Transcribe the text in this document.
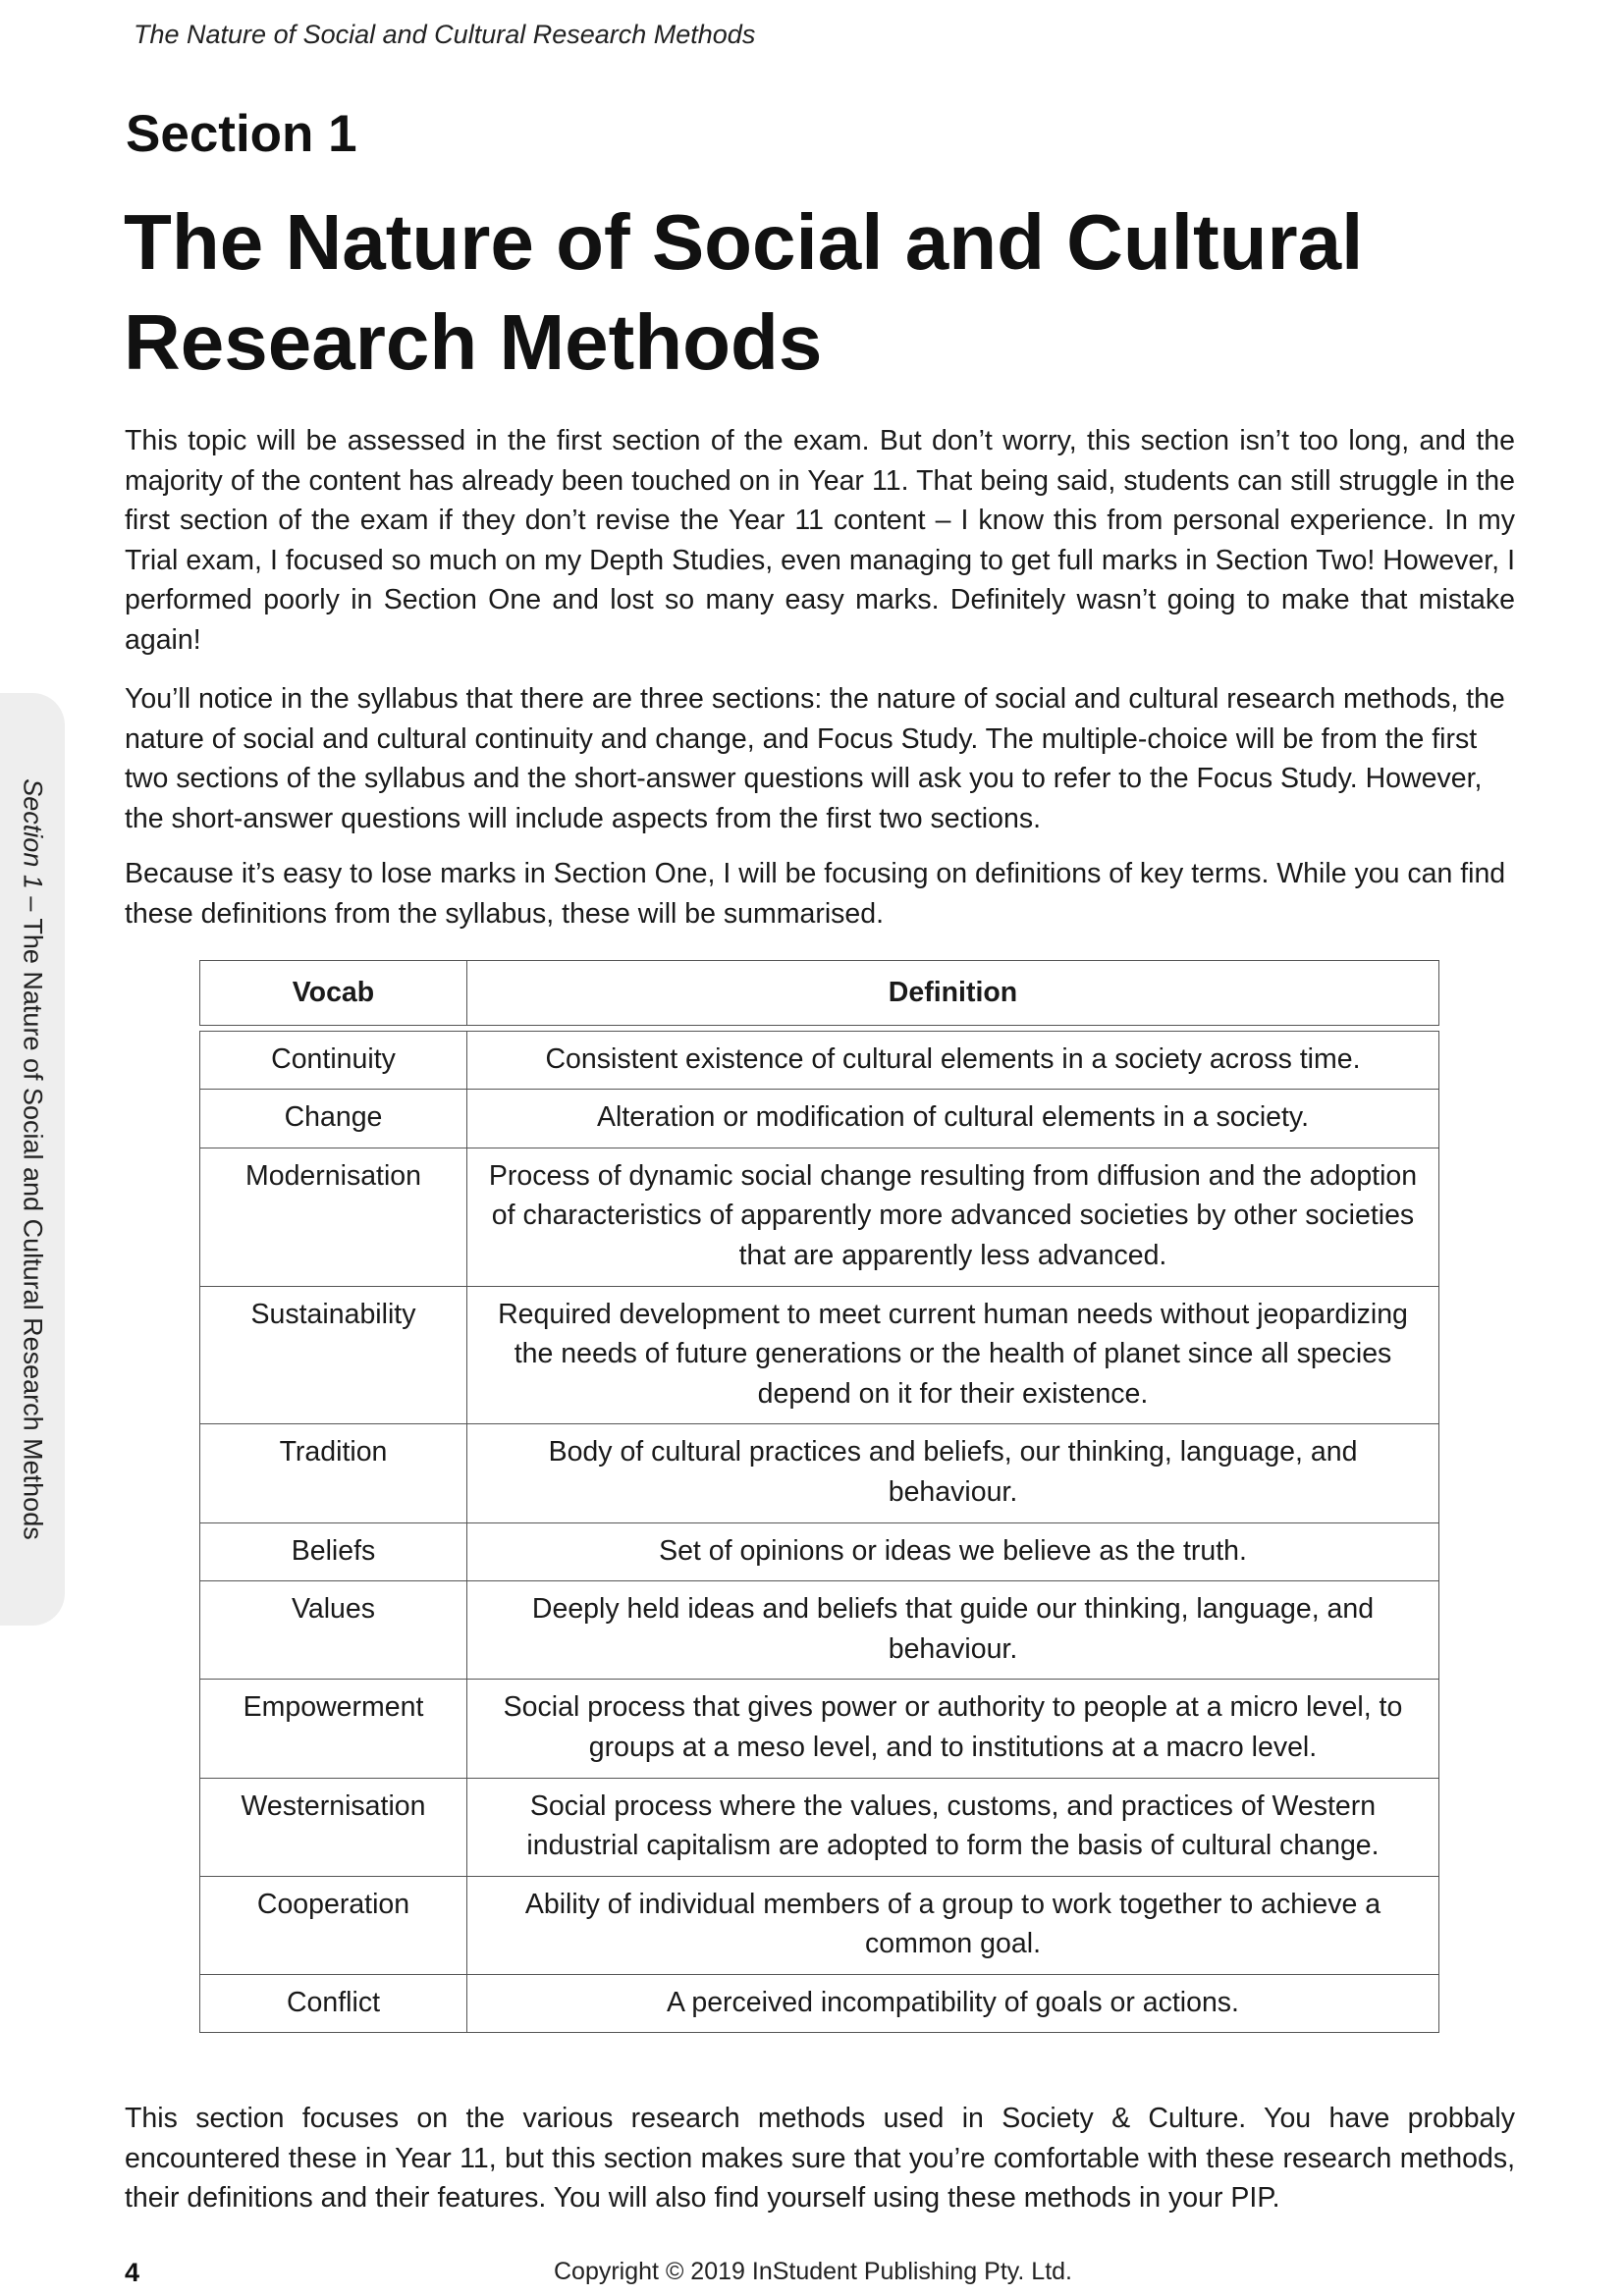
The Nature of Social and Cultural Research Methods
Section 1 – The Nature of Social and Cultural Research Methods
Section 1
The Nature of Social and Cultural Research Methods

This topic will be assessed in the first section of the exam. But don’t worry, this section isn’t too long, and the majority of the content has already been touched on in Year 11. That being said, students can still struggle in the first section of the exam if they don’t revise the Year 11 content – I know this from personal experience. In my Trial exam, I focused so much on my Depth Studies, even managing to get full marks in Section Two! However, I performed poorly in Section One and lost so many easy marks. Definitely wasn’t going to make that mistake again!

You’ll notice in the syllabus that there are three sections: the nature of social and cultural research methods, the nature of social and cultural continuity and change, and Focus Study. The multiple-choice will be from the first two sections of the syllabus and the short-answer questions will ask you to refer to the Focus Study. However, the short-answer questions will include aspects from the first two sections.

Because it’s easy to lose marks in Section One, I will be focusing on definitions of key terms. While you can find these definitions from the syllabus, these will be summarised.

Vocab	Definition

Continuity	Consistent existence of cultural elements in a society across time.
Change	Alteration or modification of cultural elements in a society.
Modernisation	Process of dynamic social change resulting from diffusion and the adoption of characteristics of apparently more advanced societies by other societies that are apparently less advanced.
Sustainability	Required development to meet current human needs without jeopardizing the needs of future generations or the health of planet since all species depend on it for their existence.
Tradition	Body of cultural practices and beliefs, our thinking, language, and behaviour.
Beliefs	Set of opinions or ideas we believe as the truth.
Values	Deeply held ideas and beliefs that guide our thinking, language, and behaviour.
Empowerment	Social process that gives power or authority to people at a micro level, to groups at a meso level, and to institutions at a macro level.
Westernisation	Social process where the values, customs, and practices of Western industrial capitalism are adopted to form the basis of cultural change.
Cooperation	Ability of individual members of a group to work together to achieve a common goal.
Conflict	A perceived incompatibility of goals or actions.

This section focuses on the various research methods used in Society & Culture. You have probbaly encountered these in Year 11, but this section makes sure that you’re comfortable with these research methods, their definitions and their features. You will also find yourself using these methods in your PIP.

4	Copyright © 2019 InStudent Publishing Pty. Ltd.
